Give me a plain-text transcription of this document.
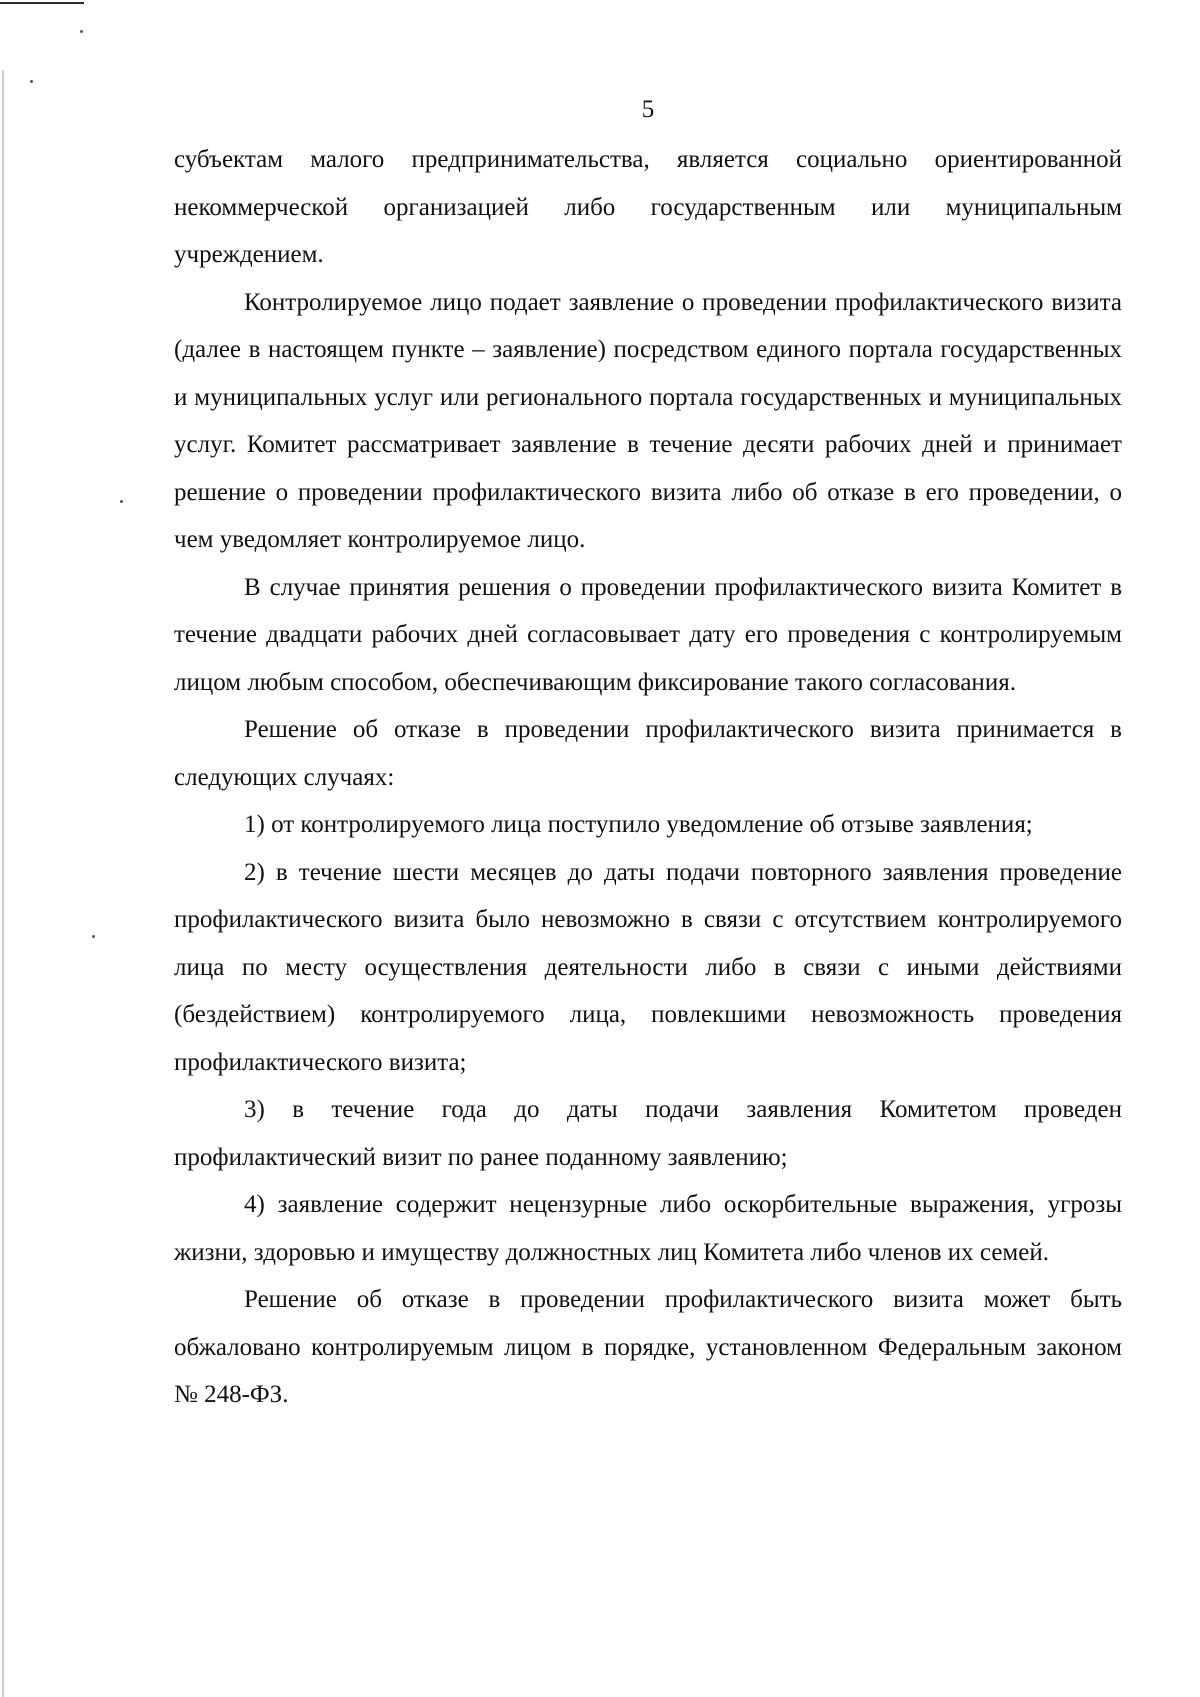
5

субъектам малого предпринимательства, является социально ориентированной некоммерческой организацией либо государственным или муниципальным учреждением.

Контролируемое лицо подает заявление о проведении профилактического визита (далее в настоящем пункте – заявление) посредством единого портала государственных и муниципальных услуг или регионального портала государственных и муниципальных услуг. Комитет рассматривает заявление в течение десяти рабочих дней и принимает решение о проведении профилактического визита либо об отказе в его проведении, о чем уведомляет контролируемое лицо.

В случае принятия решения о проведении профилактического визита Комитет в течение двадцати рабочих дней согласовывает дату его проведения с контролируемым лицом любым способом, обеспечивающим фиксирование такого согласования.

Решение об отказе в проведении профилактического визита принимается в следующих случаях:

1) от контролируемого лица поступило уведомление об отзыве заявления;

2) в течение шести месяцев до даты подачи повторного заявления проведение профилактического визита было невозможно в связи с отсутствием контролируемого лица по месту осуществления деятельности либо в связи с иными действиями (бездействием) контролируемого лица, повлекшими невозможность проведения профилактического визита;

3) в течение года до даты подачи заявления Комитетом проведен профилактический визит по ранее поданному заявлению;

4) заявление содержит нецензурные либо оскорбительные выражения, угрозы жизни, здоровью и имуществу должностных лиц Комитета либо членов их семей.

Решение об отказе в проведении профилактического визита может быть обжаловано контролируемым лицом в порядке, установленном Федеральным законом № 248-ФЗ.
